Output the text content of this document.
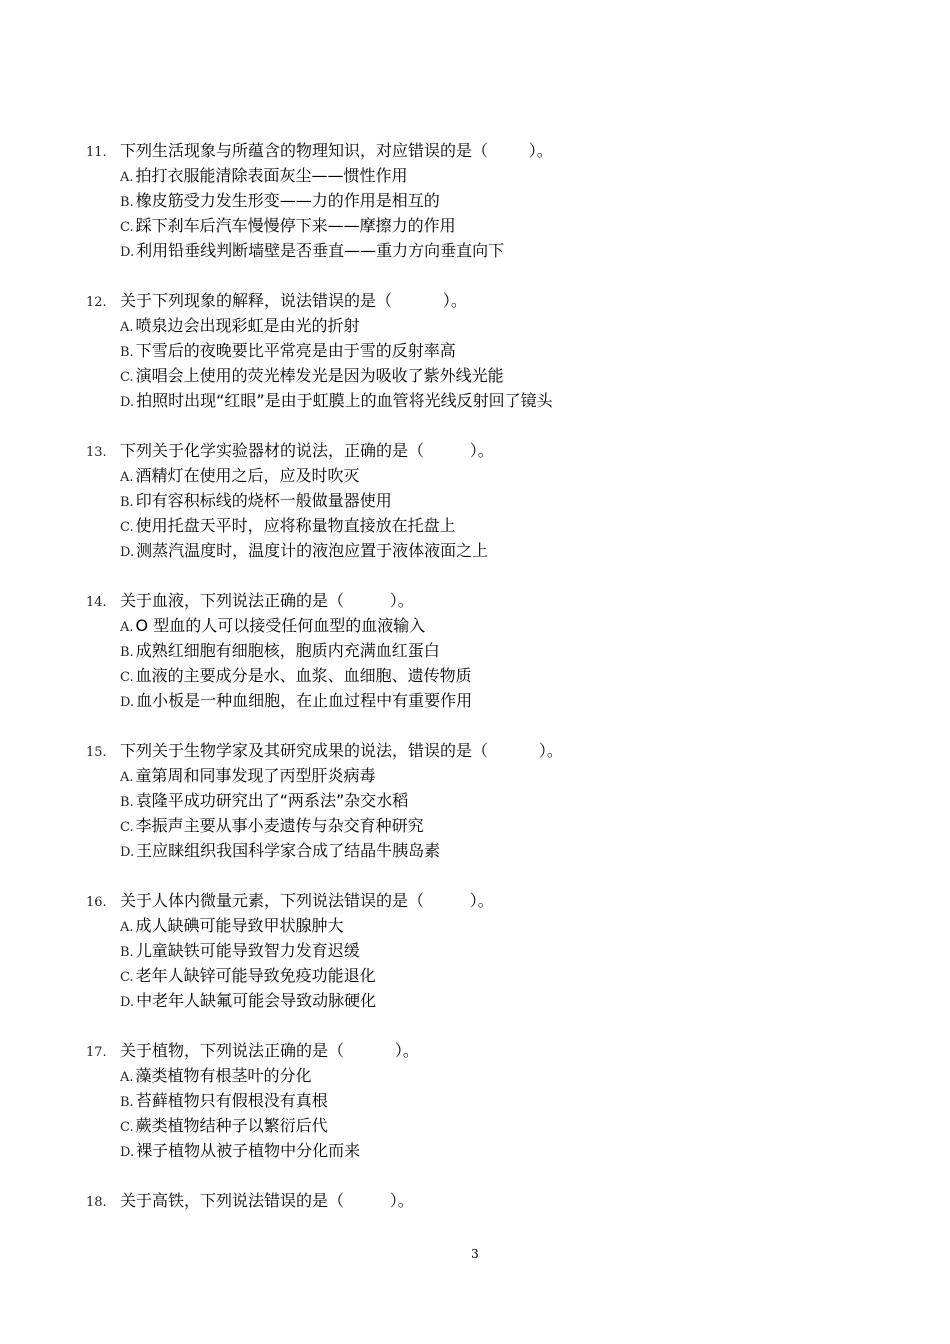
11. 下列生活现象与所蕴含的物理知识，对应错误的是（
	）。
A. 拍打衣服能清除表面灰尘——惯性作用
B. 橡皮筋受力发生形变——力的作用是相互的
C. 踩下刹车后汽车慢慢停下来——摩擦力的作用
D. 利用铅垂线判断墙壁是否垂直——重力方向垂直向下
12. 关于下列现象的解释，说法错误的是（
	）。
A. 喷泉边会出现彩虹是由光的折射
B. 下雪后的夜晚要比平常亮是由于雪的反射率高
C. 演唱会上使用的荧光棒发光是因为吸收了紫外线光能
D. 拍照时出现“红眼”是由于虹膜上的血管将光线反射回了镜头
13. 下列关于化学实验器材的说法，正确的是（
	）。
A. 酒精灯在使用之后，应及时吹灭
B. 印有容积标线的烧杯一般做量器使用
C. 使用托盘天平时，应将称量物直接放在托盘上
D. 测蒸汽温度时，温度计的液泡应置于液体液面之上
14. 关于血液，下列说法正确的是（
	）。
A. O 型血的人可以接受任何血型的血液输入
B. 成熟红细胞有细胞核，胞质内充满血红蛋白
C. 血液的主要成分是水、血浆、血细胞、遗传物质
D. 血小板是一种血细胞，在止血过程中有重要作用
15. 下列关于生物学家及其研究成果的说法，错误的是（
	）。
A. 童第周和同事发现了丙型肝炎病毒
B. 袁隆平成功研究出了“两系法”杂交水稻
C. 李振声主要从事小麦遗传与杂交育种研究
D. 王应睐组织我国科学家合成了结晶牛胰岛素
16. 关于人体内微量元素，下列说法错误的是（
	）。
A. 成人缺碘可能导致甲状腺肿大
B. 儿童缺铁可能导致智力发育迟缓
C. 老年人缺锌可能导致免疫功能退化
D. 中老年人缺氟可能会导致动脉硬化
17. 关于植物，下列说法正确的是（
	）。
A. 藻类植物有根茎叶的分化
B. 苔藓植物只有假根没有真根
C. 蕨类植物结种子以繁衍后代
D. 裸子植物从被子植物中分化而来
18. 关于高铁，下列说法错误的是（
	）。
3
